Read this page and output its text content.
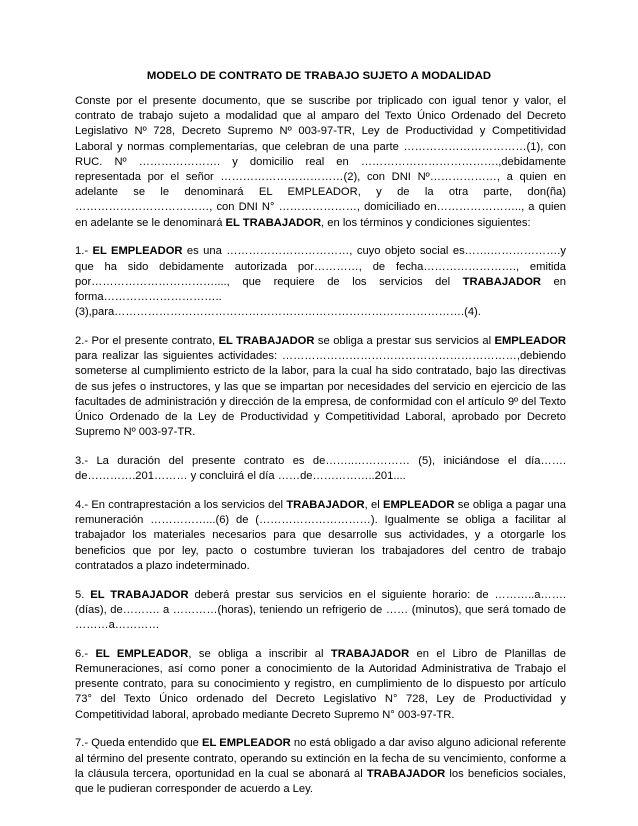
MODELO DE CONTRATO DE TRABAJO SUJETO A MODALIDAD

Conste por el presente documento, que se suscribe por triplicado con igual tenor y valor, el contrato de trabajo sujeto a modalidad que al amparo del Texto Único Ordenado del Decreto Legislativo Nº 728, Decreto Supremo Nº 003-97-TR, Ley de Productividad y Competitividad Laboral y normas complementarias, que celebran de una parte ……………………………(1), con RUC. Nº …………………. y domicilio real en ……………………………….,debidamente representada por el señor ……………………………(2), con DNI Nº………………, a quien en adelante se le denominará EL EMPLEADOR, y de la otra parte, don(ña) ………………………………, con DNI N° …………………, domiciliado en………………….., a quien en adelante se le denominará EL TRABAJADOR, en los términos y condiciones siguientes:

1.- EL EMPLEADOR es una ……………………………, cuyo objeto social es…….……………….y que ha sido debidamente autorizada por…………, de fecha……………………., emitida por……………………………...., que requiere de los servicios del TRABAJADOR en forma………………………….. (3),para………………………………………………………………………………….(4).

2.- Por el presente contrato, EL TRABAJADOR se obliga a prestar sus servicios al EMPLEADOR para realizar las siguientes actividades: ………………………………………………………,debiendo someterse al cumplimiento estricto de la labor, para la cual ha sido contratado, bajo las directivas de sus jefes o instructores, y las que se impartan por necesidades del servicio en ejercicio de las facultades de administración y dirección de la empresa, de conformidad con el artículo 9º del Texto Único Ordenado de la Ley de Productividad y Competitividad Laboral, aprobado por Decreto Supremo Nº 003-97-TR.

3.- La duración del presente contrato es de……..…………… (5), iniciándose el día……. de………….201……… y concluirá el día ……de……………..201....

4.- En contraprestación a los servicios del TRABAJADOR, el EMPLEADOR se obliga a pagar una remuneración ……………...(6) de (…………………………). Igualmente se obliga a facilitar al trabajador los materiales necesarios para que desarrolle sus actividades, y a otorgarle los beneficios que por ley, pacto o costumbre tuvieran los trabajadores del centro de trabajo contratados a plazo indeterminado.

5. EL TRABAJADOR deberá prestar sus servicios en el siguiente horario: de ………..a……. (días), de………. a …………(horas), teniendo un refrigerio de …… (minutos), que será tomado de ………a…………

6.- EL EMPLEADOR, se obliga a inscribir al TRABAJADOR en el Libro de Planillas de Remuneraciones, así como poner a conocimiento de la Autoridad Administrativa de Trabajo el presente contrato, para su conocimiento y registro, en cumplimiento de lo dispuesto por artículo 73° del Texto Único ordenado del Decreto Legislativo N° 728, Ley de Productividad y Competitividad laboral, aprobado mediante Decreto Supremo N° 003-97-TR.

7.- Queda entendido que EL EMPLEADOR no está obligado a dar aviso alguno adicional referente al término del presente contrato, operando su extinción en la fecha de su vencimiento, conforme a la cláusula tercera, oportunidad en la cual se abonará al TRABAJADOR los beneficios sociales, que le pudieran corresponder de acuerdo a Ley.
